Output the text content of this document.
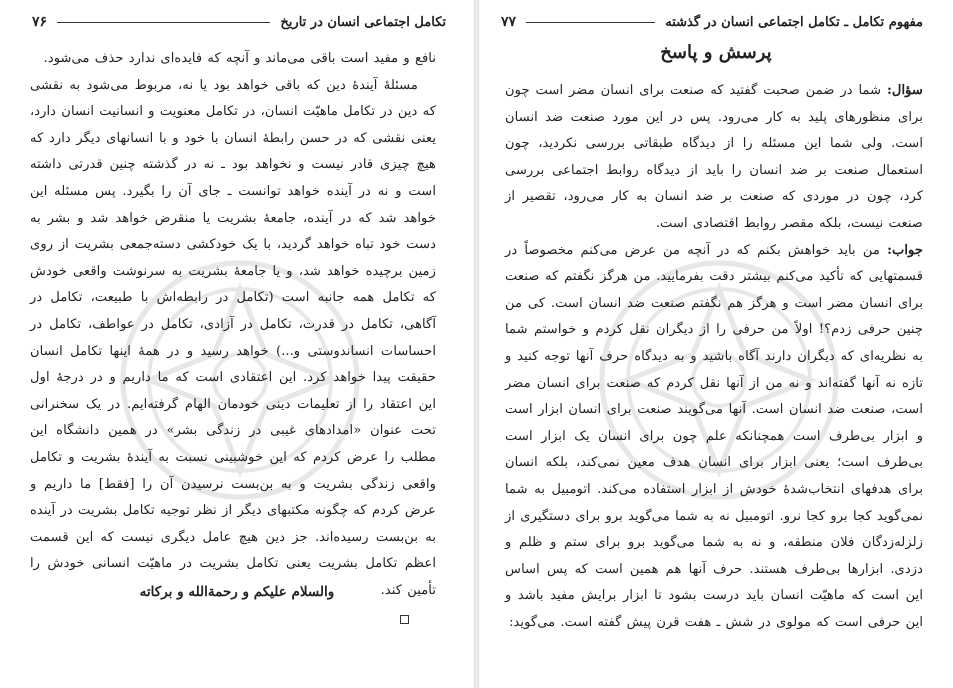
تکامل اجتماعی انسان در تاریخ
۷۶

نافع و مفید است باقی می‌ماند و آنچه که فایده‌ای ندارد حذف می‌شود.

مسئلهٔ آیندهٔ دین که باقی خواهد بود یا نه، مربوط می‌شود به نقشی که دین در تکامل ماهیّت انسان، در تکامل معنویت و انسانیت انسان دارد، یعنی نقشی که در حسن رابطهٔ انسان با خود و با انسانهای دیگر دارد که هیچ چیزی قادر نیست و نخواهد بود ـ نه در گذشته چنین قدرتی داشته است و نه در آینده خواهد توانست ـ جای آن را بگیرد. پس مسئله این خواهد شد که در آینده، جامعهٔ بشریت یا منقرض خواهد شد و بشر به دست خود تباه خواهد گردید، با یک خودکشی دسته‌جمعی بشریت از روی زمین برچیده خواهد شد، و یا جامعهٔ بشریت به سرنوشت واقعی خودش که تکامل همه جانبه است (تکامل در رابطه‌اش با طبیعت، تکامل در آگاهی، تکامل در قدرت، تکامل در آزادی، تکامل در عواطف، تکامل در احساسات انساندوستی و...) خواهد رسید و در همهٔ اینها تکامل انسان حقیقت پیدا خواهد کرد. این اعتقادی است که ما داریم و در درجهٔ اول این اعتقاد را از تعلیمات دینی خودمان الهام گرفته‌ایم. در یک سخنرانی تحت عنوان «امدادهای غیبی در زندگی بشر» در همین دانشگاه این مطلب را عرض کردم که این خوشبینی نسبت به آیندهٔ بشریت و تکامل واقعی زندگی بشریت و به بن‌بست نرسیدن آن را [فقط] ما داریم و عرض کردم که چگونه مکتبهای دیگر از نظر توجیه تکامل بشریت در آینده به بن‌بست رسیده‌اند. جز دین هیچ عامل دیگری نیست که این قسمت اعظم تکامل بشریت یعنی تکامل بشریت در ماهیّت انسانی خودش را تأمین کند.

والسلام علیکم و رحمةالله و برکاته
مفهوم تکامل ـ تکامل اجتماعی انسان در گذشته
۷۷
پرسش و پاسخ

سؤال: شما در ضمن صحبت گفتید که صنعت برای انسان مضر است چون برای منظورهای پلید به کار می‌رود. پس در این مورد صنعت ضد انسان است. ولی شما این مسئله را از دیدگاه طبقاتی بررسی نکردید، چون استعمال صنعت بر ضد انسان را باید از دیدگاه روابط اجتماعی بررسی کرد، چون در موردی که صنعت بر ضد انسان به کار می‌رود، تقصیر از صنعت نیست، بلکه مقصر روابط اقتصادی است.

جواب: من باید خواهش بکنم که در آنچه من عرض می‌کنم مخصوصاً در قسمتهایی که تأکید می‌کنم بیشتر دقت بفرمایید. من هرگز نگفتم که صنعت برای انسان مضر است و هرگز هم نگفتم صنعت ضد انسان است. کی من چنین حرفی زدم؟! اولاً من حرفی را از دیگران نقل کردم و خواستم شما به نظریه‌ای که دیگران دارند آگاه باشید و به دیدگاه حرف آنها توجه کنید و تازه نه آنها گفته‌اند و نه من از آنها نقل کردم که صنعت برای انسان مضر است، صنعت ضد انسان است. آنها می‌گویند صنعت برای انسان ابزار است و ابزار بی‌طرف است همچنانکه علم چون برای انسان یک ابزار است بی‌طرف است؛ یعنی ابزار برای انسان هدف معین نمی‌کند، بلکه انسان برای هدفهای انتخاب‌شدهٔ خودش از ابزار استفاده می‌کند. اتومبیل به شما نمی‌گوید کجا برو کجا نرو. اتومبیل نه به شما می‌گوید برو برای دستگیری از زلزله‌زدگان فلان منطقه، و نه به شما می‌گوید برو برای ستم و ظلم و دزدی. ابزارها بی‌طرف هستند. حرف آنها هم همین است که پس اساس این است که ماهیّت انسان باید درست بشود تا ابزار برایش مفید باشد و این حرفی است که مولوی در شش ـ هفت قرن پیش گفته است. می‌گوید:
